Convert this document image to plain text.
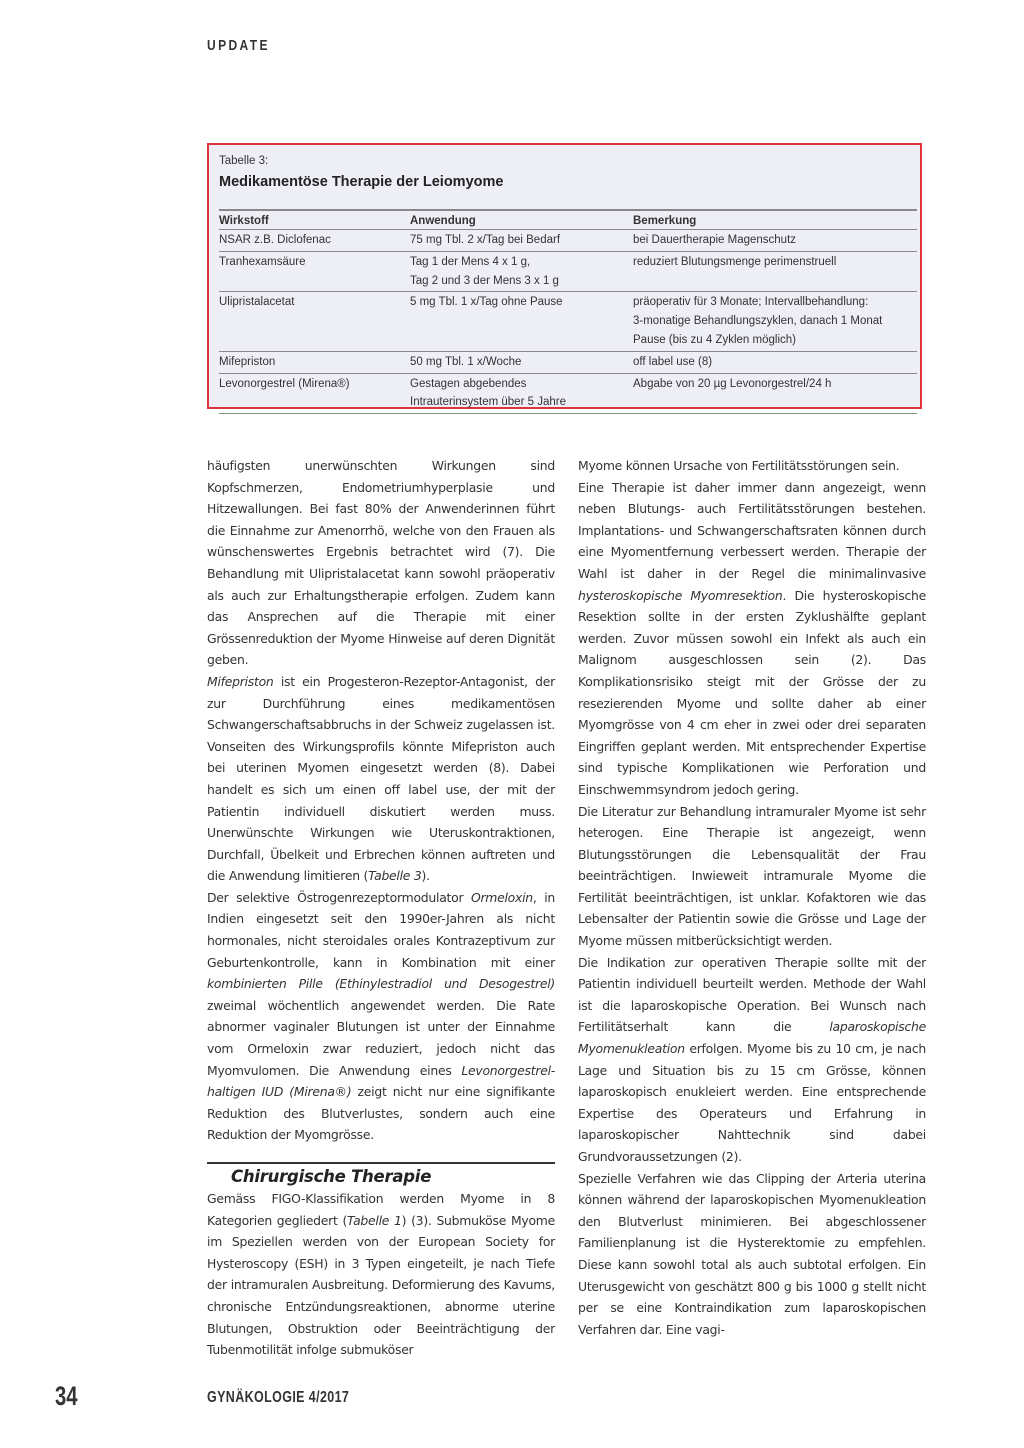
UPDATE
Tabelle 3:
Medikamentöse Therapie der Leiomyome
Wirkstoff	Anwendung	Bemerkung

NSAR z.B. Diclofenac	75 mg Tbl. 2 x/Tag bei Bedarf	bei Dauertherapie Magenschutz

Tranhexamsäure	Tag 1 der Mens 4 x 1 g,
Tag 2 und 3 der Mens 3 x 1 g	reduziert Blutungsmenge perimenstruell

Ulipristalacetat	5 mg Tbl. 1 x/Tag ohne Pause	präoperativ für 3 Monate; Intervallbehandlung:
3-monatige Behandlungszyklen, danach 1 Monat
Pause (bis zu 4 Zyklen möglich)

Mifepriston	50 mg Tbl. 1 x/Woche	off label use (8)

Levonorgestrel (Mirena®)	Gestagen abgebendes
Intrauterinsystem über 5 Jahre	Abgabe von 20 µg Levonorgestrel/24 h

häufigsten unerwünschten Wirkungen sind Kopfschmerzen, Endometriumhyperplasie und Hitzewallungen. Bei fast 80% der Anwenderinnen führt die Einnahme zur Amenorrhö, welche von den Frauen als wünschenswertes Ergebnis betrachtet wird (7). Die Behandlung mit Ulipristalacetat kann sowohl präoperativ als auch zur Erhaltungstherapie erfolgen. Zudem kann das Ansprechen auf die Therapie mit einer Grössenreduktion der Myome Hinweise auf deren Dignität geben.

Mifepriston ist ein Progesteron-Rezeptor-Antagonist, der zur Durchführung eines medikamentösen Schwangerschaftsabbruchs in der Schweiz zugelassen ist. Vonseiten des Wirkungsprofils könnte Mifepriston auch bei uterinen Myomen eingesetzt werden (8). Dabei handelt es sich um einen off label use, der mit der Patientin individuell diskutiert werden muss. Unerwünschte Wirkungen wie Uteruskontraktionen, Durchfall, Übelkeit und Erbrechen können auftreten und die Anwendung limitieren (Tabelle 3).

Der selektive Östrogenrezeptormodulator Ormeloxin, in Indien eingesetzt seit den 1990er-Jahren als nicht hormonales, nicht steroidales orales Kontrazeptivum zur Geburtenkontrolle, kann in Kombination mit einer kombinierten Pille (Ethinylestradiol und Desogestrel) zweimal wöchentlich angewendet werden. Die Rate abnormer vaginaler Blutungen ist unter der Einnahme vom Ormeloxin zwar reduziert, jedoch nicht das Myomvulomen. Die Anwendung eines Levonorgestrel-haltigen IUD (Mirena®) zeigt nicht nur eine signifikante Reduktion des Blutverlustes, sondern auch eine Reduktion der Myomgrösse.

Chirurgische Therapie

Gemäss FIGO-Klassifikation werden Myome in 8 Kategorien gegliedert (Tabelle 1) (3). Submuköse Myome im Speziellen werden von der European Society for Hysteroscopy (ESH) in 3 Typen eingeteilt, je nach Tiefe der intramuralen Ausbreitung. Deformierung des Kavums, chronische Entzündungsreaktionen, abnorme uterine Blutungen, Obstruktion oder Beeinträchtigung der Tubenmotilität infolge submuköser

Myome können Ursache von Fertilitätsstörungen sein.

Eine Therapie ist daher immer dann angezeigt, wenn neben Blutungs- auch Fertilitätsstörungen bestehen. Implantations- und Schwangerschaftsraten können durch eine Myomentfernung verbessert werden. Therapie der Wahl ist daher in der Regel die minimalinvasive hysteroskopische Myomresektion. Die hysteroskopische Resektion sollte in der ersten Zyklushälfte geplant werden. Zuvor müssen sowohl ein Infekt als auch ein Malignom ausgeschlossen sein (2). Das Komplikationsrisiko steigt mit der Grösse der zu resezierenden Myome und sollte daher ab einer Myomgrösse von 4 cm eher in zwei oder drei separaten Eingriffen geplant werden. Mit entsprechender Expertise sind typische Komplikationen wie Perforation und Einschwemmsyndrom jedoch gering.

Die Literatur zur Behandlung intramuraler Myome ist sehr heterogen. Eine Therapie ist angezeigt, wenn Blutungsstörungen die Lebensqualität der Frau beeinträchtigen. Inwieweit intramurale Myome die Fertilität beeinträchtigen, ist unklar. Kofaktoren wie das Lebensalter der Patientin sowie die Grösse und Lage der Myome müssen mitberücksichtigt werden.

Die Indikation zur operativen Therapie sollte mit der Patientin individuell beurteilt werden. Methode der Wahl ist die laparoskopische Operation. Bei Wunsch nach Fertilitätserhalt kann die laparoskopische Myomenukleation erfolgen. Myome bis zu 10 cm, je nach Lage und Situation bis zu 15 cm Grösse, können laparoskopisch enukleiert werden. Eine entsprechende Expertise des Operateurs und Erfahrung in laparoskopischer Nahttechnik sind dabei Grundvoraussetzungen (2).

Spezielle Verfahren wie das Clipping der Arteria uterina können während der laparoskopischen Myomenukleation den Blutverlust minimieren. Bei abgeschlossener Familienplanung ist die Hysterektomie zu empfehlen. Diese kann sowohl total als auch subtotal erfolgen. Ein Uterusgewicht von geschätzt 800 g bis 1000 g stellt nicht per se eine Kontraindikation zum laparoskopischen Verfahren dar. Eine vagi-

34	GYNÄKOLOGIE 4/2017
